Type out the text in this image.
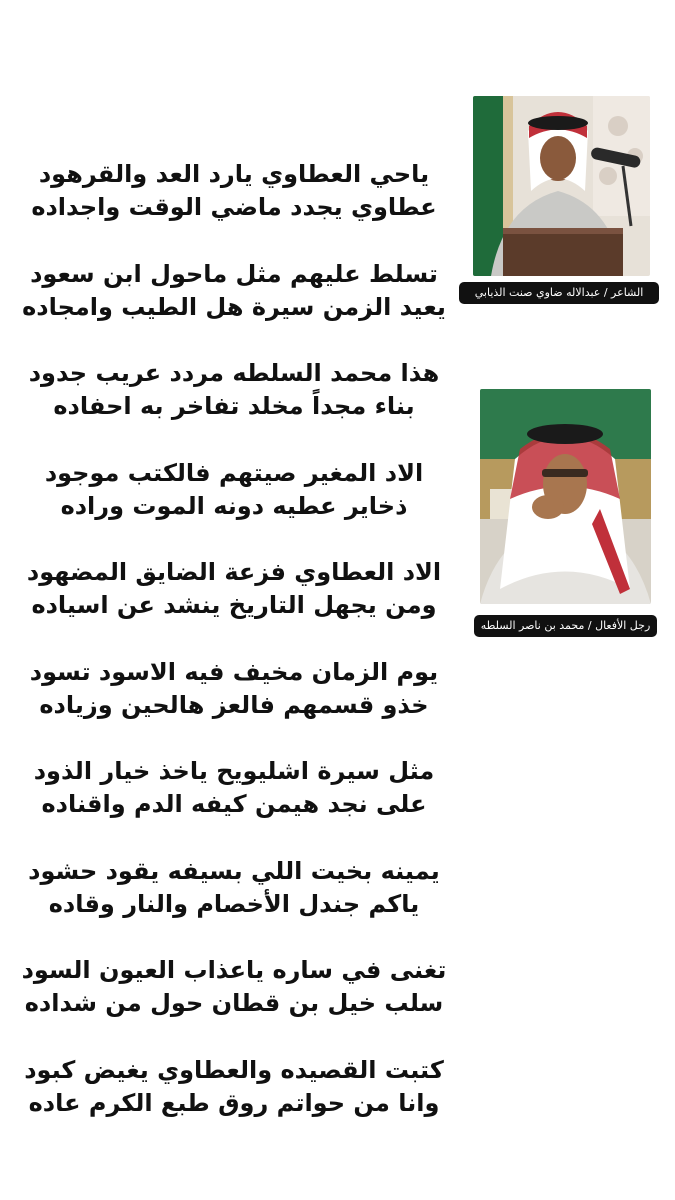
ياحي العطاوي يارد العد والقرهود
عطاوي يجدد ماضي الوقت واجداده
تسلط عليهم مثل ماحول ابن سعود
يعيد الزمن سيرة هل الطيب وامجاده
هذا محمد السلطه مردد عريب جدود
بناء مجداً مخلد تفاخر به احفاده
الاد المغير صيتهم فالكتب موجود
ذخاير عطيه دونه الموت وراده
الاد العطاوي فزعة الضايق المضهود
ومن يجهل التاريخ ينشد عن اسياده
يوم الزمان مخيف فيه الاسود تسود
خذو قسمهم فالعز هالحين وزياده
مثل سيرة اشليويح ياخذ خيار الذود
على نجد هيمن كيفه الدم واقناده
يمينه بخيت اللي بسيفه يقود حشود
ياكم جندل الأخصام والنار وقاده
تغنى في ساره ياعذاب العيون السود
سلب خيل بن قطان حول من شداده
كتبت القصيده والعطاوي يغيض كبود
وانا من حواتم روق طبع الكرم عاده
الشاعر / عبدالاله ضاوي صنت الذيابي
رجل الأفعال / محمد بن ناصر السلطه
